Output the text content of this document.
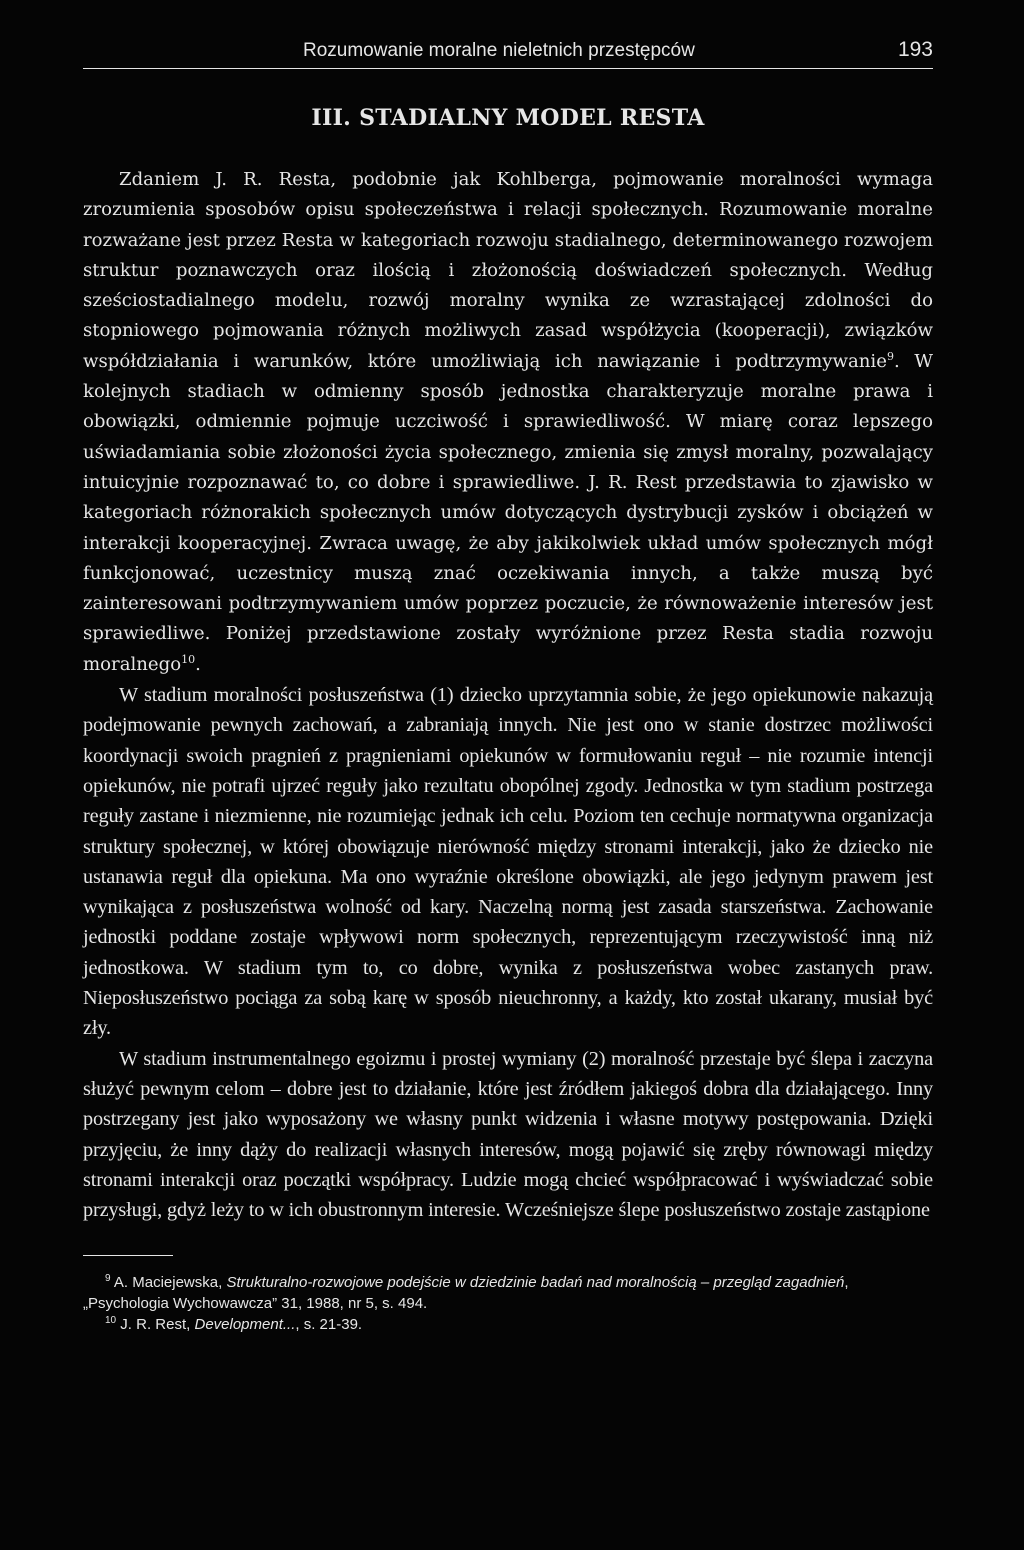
Rozumowanie moralne nieletnich przestępców	193
III. STADIALNY MODEL RESTA

Zdaniem J. R. Resta, podobnie jak Kohlberga, pojmowanie moralności wymaga zrozumienia sposobów opisu społeczeństwa i relacji społecznych. Rozumowanie moralne rozważane jest przez Resta w kategoriach rozwoju stadialnego, determinowanego rozwojem struktur poznawczych oraz ilością i złożonością doświadczeń społecznych. Według sześciostadialnego modelu, rozwój moralny wynika ze wzrastającej zdolności do stopniowego pojmowania różnych możliwych zasad współżycia (kooperacji), związków współdziałania i warunków, które umożliwiają ich nawiązanie i podtrzymywanie$^9$. W kolejnych stadiach w odmienny sposób jednostka charakteryzuje moralne prawa i obowiązki, odmiennie pojmuje uczciwość i sprawiedliwość. W miarę coraz lepszego uświadamiania sobie złożoności życia społecznego, zmienia się zmysł moralny, pozwalający intuicyjnie rozpoznawać to, co dobre i sprawiedliwe. J. R. Rest przedstawia to zjawisko w kategoriach różnorakich społecznych umów dotyczących dystrybucji zysków i obciążeń w interakcji kooperacyjnej. Zwraca uwagę, że aby jakikolwiek układ umów społecznych mógł funkcjonować, uczestnicy muszą znać oczekiwania innych, a także muszą być zainteresowani podtrzymywaniem umów poprzez poczucie, że równoważenie interesów jest sprawiedliwe. Poniżej przedstawione zostały wyróżnione przez Resta stadia rozwoju moralnego$^{10}$.

W stadium moralności posłuszeństwa (1) dziecko uprzytamnia sobie, że jego opiekunowie nakazują podejmowanie pewnych zachowań, a zabraniają innych. Nie jest ono w stanie dostrzec możliwości koordynacji swoich pragnień z pragnieniami opiekunów w formułowaniu reguł – nie rozumie intencji opiekunów, nie potrafi ujrzeć reguły jako rezultatu obopólnej zgody. Jednostka w tym stadium postrzega reguły zastane i niezmienne, nie rozumiejąc jednak ich celu. Poziom ten cechuje normatywna organizacja struktury społecznej, w której obowiązuje nierówność między stronami interakcji, jako że dziecko nie ustanawia reguł dla opiekuna. Ma ono wyraźnie określone obowiązki, ale jego jedynym prawem jest wynikająca z posłuszeństwa wolność od kary. Naczelną normą jest zasada starszeństwa. Zachowanie jednostki poddane zostaje wpływowi norm społecznych, reprezentującym rzeczywistość inną niż jednostkowa. W stadium tym to, co dobre, wynika z posłuszeństwa wobec zastanych praw. Nieposłuszeństwo pociąga za sobą karę w sposób nieuchronny, a każdy, kto został ukarany, musiał być zły.

W stadium instrumentalnego egoizmu i prostej wymiany (2) moralność przestaje być ślepa i zaczyna służyć pewnym celom – dobre jest to działanie, które jest źródłem jakiegoś dobra dla działającego. Inny postrzegany jest jako wyposażony we własny punkt widzenia i własne motywy postępowania. Dzięki przyjęciu, że inny dąży do realizacji własnych interesów, mogą pojawić się zręby równowagi między stronami interakcji oraz początki współpracy. Ludzie mogą chcieć współpracować i wyświadczać sobie przysługi, gdyż leży to w ich obustronnym interesie. Wcześniejsze ślepe posłuszeństwo zostaje zastąpione

$^9$ A. Maciejewska, Strukturalno-rozwojowe podejście w dziedzinie badań nad moralnością – przegląd zagadnień, „Psychologia Wychowawcza” 31, 1988, nr 5, s. 494.

$^{10}$ J. R. Rest, Development..., s. 21-39.
